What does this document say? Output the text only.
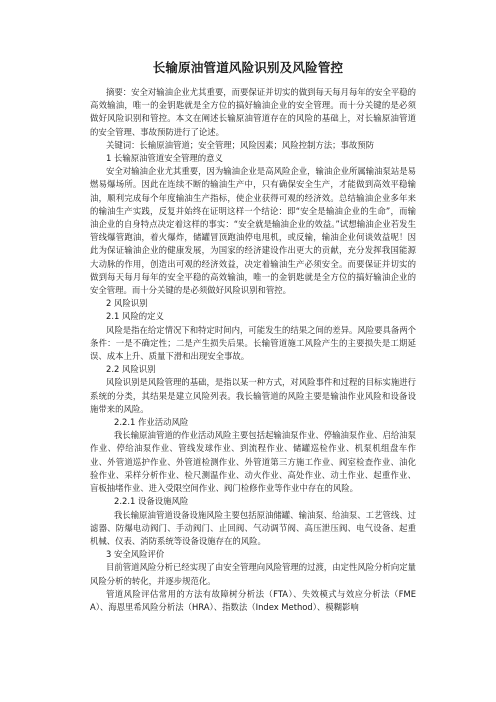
长输原油管道风险识别及风险管控

摘要：安全对输油企业尤其重要，而要保证并切实的做到每天每月每年的安全平稳的高效输油，唯一的金钥匙就是全方位的搞好输油企业的安全管理。而十分关键的是必须做好风险识别和管控。本文在阐述长输原油管道存在的风险的基础上，对长输原油管道的安全管理、事故预防进行了论述。

关键词：长输原油管道；安全管理；风险因素；风险控制方法；事故预防

1 长输原油管道安全管理的意义

安全对输油企业尤其重要，因为输油企业是高风险企业，输油企业所属输油泵站是易燃易爆场所。因此在连续不断的输油生产中，只有确保安全生产，才能做到高效平稳输油，顺利完成每个年度输油生产指标，使企业获得可观的经济效。总结输油企业多年来的输油生产实践，反复并始终在证明这样一个结论：即“安全是输油企业的生命”，而输油企业的自身特点决定着这样的事实：“安全就是输油企业的效益。”试想输油企业若发生管线爆管跑油，着火爆炸，储罐冒顶跑油停电甩机，或反输，输油企业何谈效益呢！因此为保证输油企业的健康发展，为国家的经济建设作出更大的贡献，充分发挥我国能源大动脉的作用，创造出可观的经济效益，决定着输油生产必须安全。而要保证并切实的做到每天每月每年的安全平稳的高效输油，唯一的金钥匙就是全方位的搞好输油企业的安全管理。而十分关键的是必须做好风险识别和管控。

2 风险识别

2.1 风险的定义

风险是指在给定情况下和特定时间内，可能发生的结果之间的差异。风险要具备两个条件：一是不确定性；二是产生损失后果。长输管道施工风险产生的主要损失是工期延误、成本上升、质量下滑和出现安全事故。

2.2 风险识别

风险识别是风险管理的基础，是指以某一种方式，对风险事件和过程的目标实施进行系统的分类，其结果是建立风险列表。我长输管道的风险主要是输油作业风险和设备设施带来的风险。

2.2.1 作业活动风险

我长输原油管道的作业活动风险主要包括起输油泵作业、停输油泵作业、启给油泵作业、停给油泵作业、管线发球作业、到流程作业、储罐巡检作业、机泵机组盘车作业、外管道巡护作业、外管道检测作业、外管道第三方施工作业、阀室检查作业、油化验作业、采样分析作业、检尺测温作业、动火作业、高处作业、动土作业、起重作业、盲板抽堵作业、进入受限空间作业、阀门检修作业等作业中存在的风险。

2.2.1 设备设施风险

我长输原油管道设备设施风险主要包括原油储罐、输油泵、给油泵、工艺管线、过滤器、防爆电动阀门、手动阀门、止回阀、气动调节阀、高压泄压阀、电气设备、起重机械、仪表、消防系统等设备设施存在的风险。

3 安全风险评价

目前管道风险分析已经实现了由安全管理向风险管理的过渡，由定性风险分析向定量风险分析的转化，并逐步规范化。

管道风险评估常用的方法有故障树分析法（FTA）、失效模式与效应分析法（FMEA）、海恩里希风险分析法（HRA）、指数法（Index Method）、模糊影响
